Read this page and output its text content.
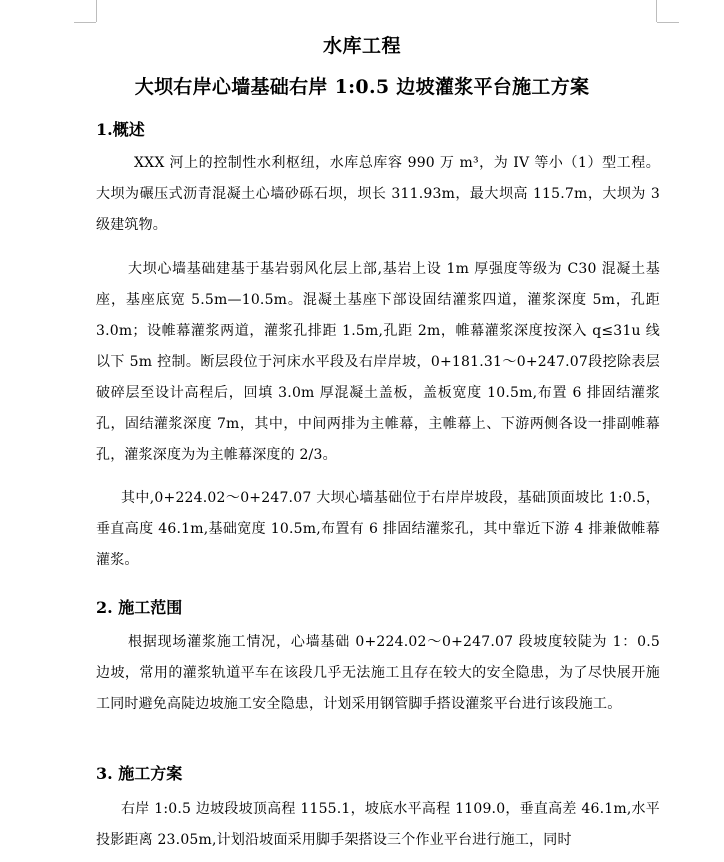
水库工程
大坝右岸心墙基础右岸 1:0.5 边坡灌浆平台施工方案
1.概述
XXX 河上的控制性水利枢纽，水库总库容 990 万 m³，为 IV 等小（1）型工程。大坝为碾压式沥青混凝土心墙砂砾石坝，坝长 311.93m，最大坝高 115.7m，大坝为 3 级建筑物。
大坝心墙基础建基于基岩弱风化层上部,基岩上设 1m 厚强度等级为 C30 混凝土基座，基座底宽 5.5m—10.5m。混凝土基座下部设固结灌浆四道，灌浆深度 5m，孔距 3.0m；设帷幕灌浆两道，灌浆孔排距 1.5m,孔距 2m，帷幕灌浆深度按深入 q≤31u 线以下 5m 控制。断层段位于河床水平段及右岸岸坡，0+181.31～0+247.07段挖除表层破碎层至设计高程后，回填 3.0m 厚混凝土盖板，盖板宽度 10.5m,布置 6 排固结灌浆孔，固结灌浆深度 7m，其中，中间两排为主帷幕，主帷幕上、下游两侧各设一排副帷幕孔，灌浆深度为为主帷幕深度的 2/3。
其中,0+224.02～0+247.07 大坝心墙基础位于右岸岸坡段，基础顶面坡比 1:0.5，垂直高度 46.1m,基础宽度 10.5m,布置有 6 排固结灌浆孔，其中靠近下游 4 排兼做帷幕灌浆。
2. 施工范围
根据现场灌浆施工情况，心墙基础 0+224.02～0+247.07 段坡度较陡为 1：0.5 边坡，常用的灌浆轨道平车在该段几乎无法施工且存在较大的安全隐患，为了尽快展开施工同时避免高陡边坡施工安全隐患，计划采用钢管脚手搭设灌浆平台进行该段施工。
3. 施工方案
右岸 1:0.5 边坡段坡顶高程 1155.1，坡底水平高程 1109.0，垂直高差 46.1m,水平投影距离 23.05m,计划沿坡面采用脚手架搭设三个作业平台进行施工，同时
